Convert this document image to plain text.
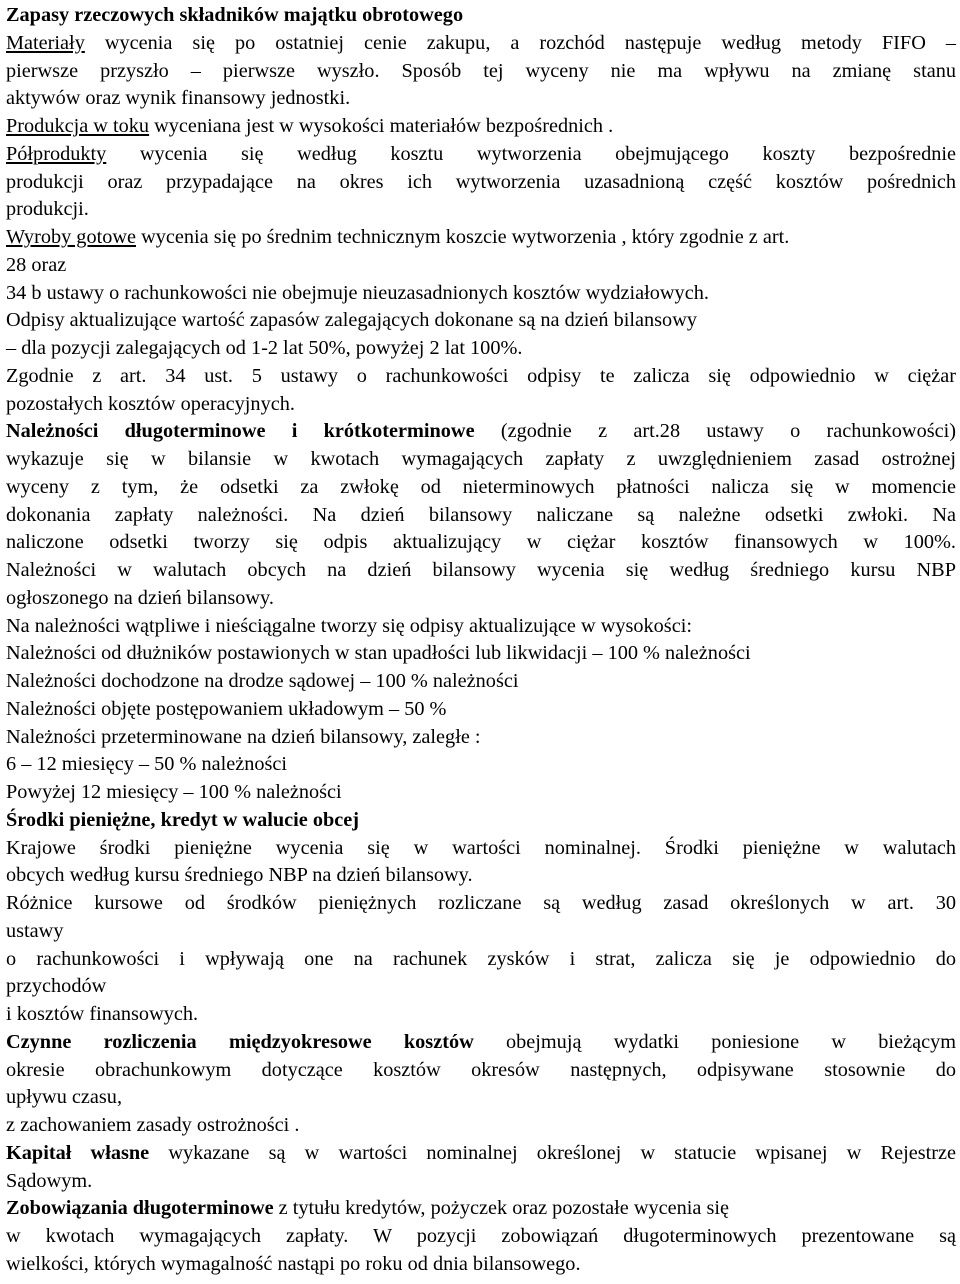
Zapasy rzeczowych składników majątku obrotowego
Materiały wycenia się po ostatniej cenie zakupu, a rozchód następuje według metody FIFO –
pierwsze przyszło – pierwsze wyszło. Sposób tej wyceny nie ma wpływu na zmianę stanu
aktywów oraz wynik finansowy jednostki.
Produkcja w toku wyceniana jest w wysokości materiałów bezpośrednich .
Półprodukty wycenia się według kosztu wytworzenia obejmującego koszty bezpośrednie
produkcji oraz przypadające na okres ich wytworzenia uzasadnioną część kosztów pośrednich
produkcji.
Wyroby gotowe wycenia się po średnim technicznym koszcie wytworzenia , który zgodnie z art.
28 oraz
34 b ustawy o rachunkowości nie obejmuje nieuzasadnionych kosztów wydziałowych.
Odpisy aktualizujące wartość zapasów zalegających dokonane są na dzień bilansowy
– dla pozycji zalegających od 1-2 lat 50%, powyżej 2 lat 100%.
Zgodnie z art. 34 ust. 5 ustawy o rachunkowości odpisy te zalicza się odpowiednio w ciężar
pozostałych kosztów operacyjnych.
Należności długoterminowe i krótkoterminowe (zgodnie z art.28 ustawy o rachunkowości)
wykazuje się w bilansie w kwotach wymagających zapłaty z uwzględnieniem zasad ostrożnej
wyceny z tym, że odsetki za zwłokę od nieterminowych płatności nalicza się w momencie
dokonania zapłaty należności. Na dzień bilansowy naliczane są należne odsetki zwłoki. Na
naliczone odsetki tworzy się odpis aktualizujący w ciężar kosztów finansowych w 100%.
Należności w walutach obcych na dzień bilansowy wycenia się według średniego kursu NBP
ogłoszonego na dzień bilansowy.
Na należności wątpliwe i nieściągalne tworzy się odpisy aktualizujące w wysokości:
Należności od dłużników postawionych w stan upadłości lub likwidacji – 100 % należności
Należności dochodzone na drodze sądowej – 100 % należności
Należności objęte postępowaniem układowym – 50 %
Należności przeterminowane na dzień bilansowy, zaległe :
6 – 12 miesięcy – 50 % należności
Powyżej 12 miesięcy – 100 % należności
Środki pieniężne, kredyt w walucie obcej
Krajowe środki pieniężne wycenia się w wartości nominalnej. Środki pieniężne w walutach
obcych według kursu średniego NBP na dzień bilansowy.
Różnice kursowe od środków pieniężnych rozliczane są według zasad określonych w art. 30
ustawy
o rachunkowości i wpływają one na rachunek zysków i strat, zalicza się je odpowiednio do
przychodów
i kosztów finansowych.
Czynne rozliczenia międzyokresowe kosztów obejmują wydatki poniesione w bieżącym
okresie obrachunkowym dotyczące kosztów okresów następnych, odpisywane stosownie do
upływu czasu,
z zachowaniem zasady ostrożności .
Kapitał własne wykazane są w wartości nominalnej określonej w statucie wpisanej w Rejestrze
Sądowym.
Zobowiązania długoterminowe z tytułu kredytów, pożyczek oraz pozostałe wycenia się
w kwotach wymagających zapłaty. W pozycji zobowiązań długoterminowych prezentowane są
wielkości, których wymagalność nastąpi po roku od dnia bilansowego.
